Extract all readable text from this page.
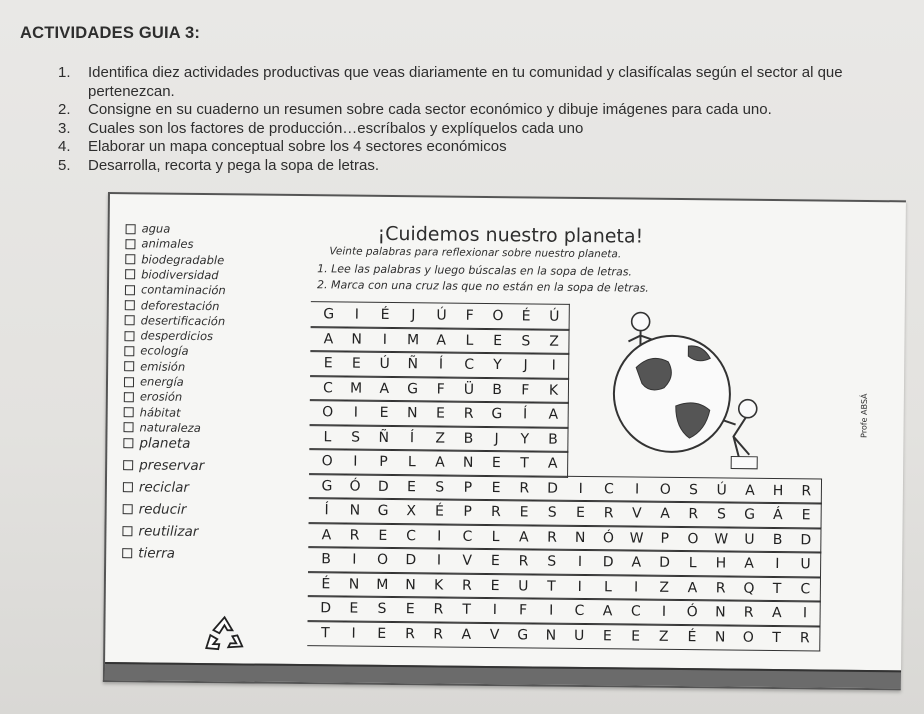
ACTIVIDADES GUIA 3:
1. Identifica diez actividades productivas que veas diariamente en tu comunidad y clasifícalas según el sector al que pertenezcan.
2. Consigne en su cuaderno un resumen sobre cada sector económico y dibuje imágenes para cada uno.
3. Cuales son los factores de producción…escríbalos y explíquelos cada uno
4. Elaborar un mapa conceptual sobre los 4 sectores económicos
5. Desarrolla, recorta y pega la sopa de letras.
agua
animales
biodegradable
biodiversidad
contaminación
deforestación
desertificación
desperdicios
ecología
emisión
energía
erosión
hábitat
naturaleza
planeta
preservar
reciclar
reducir
reutilizar
tierra
¡Cuidemos nuestro planeta!
Veinte palabras para reflexionar sobre nuestro planeta.
1. Lee las palabras y luego búscalas en la sopa de letras.
2. Marca con una cruz las que no están en la sopa de letras.
G	I	É	J	Ú	F	O	É	Ú
A	N	I	M	A	L	E	S	Z
E	E	Ú	Ñ	Í	C	Y	J	I
C	M	A	G	F	Ü	B	F	K
O	I	E	N	E	R	G	Í	A
L	S	Ñ	Í	Z	B	J	Y	B
O	I	P	L	A	N	E	T	A
G	Ó	D	E	S	P	E	R	D	I	C	I	O	S	Ú	A	H	R
Í	N	G	X	É	P	R	E	S	E	R	V	A	R	S	G	Á	E
A	R	E	C	I	C	L	A	R	N	Ó	W	P	O	W	U	B	D
B	I	O	D	I	V	E	R	S	I	D	A	D	L	H	A	I	U
É	N	M	N	K	R	E	U	T	I	L	I	Z	A	R	Q	T	C
D	E	S	E	R	T	I	F	I	C	A	C	I	Ó	N	R	A	I
T	I	E	R	R	A	V	G	N	U	E	E	Z	É	N	O	T	R
Profe ABSÁ
